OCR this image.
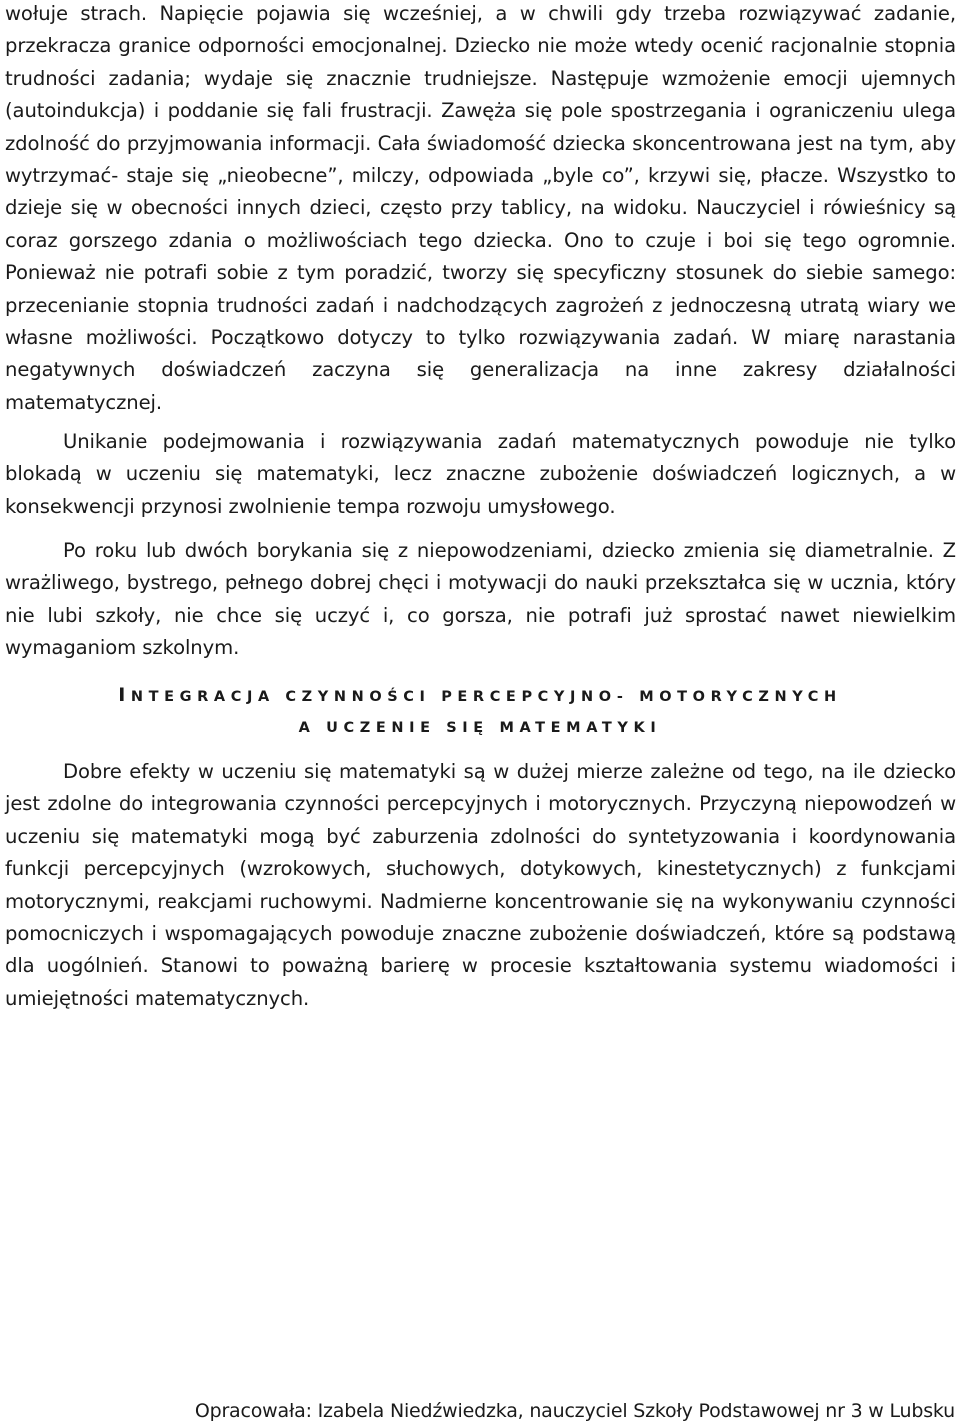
wołuje strach. Napięcie pojawia się wcześniej, a w chwili gdy trzeba rozwiązywać zadanie, przekracza granice odporności emocjonalnej. Dziecko nie może wtedy ocenić racjonalnie stopnia trudności zadania; wydaje się znacznie trudniejsze. Następuje wzmożenie emocji ujemnych (autoindukcja) i poddanie się fali frustracji. Zawęża się pole spostrzegania i ograniczeniu ulega zdolność do przyjmowania informacji. Cała świadomość dziecka skoncentrowana jest na tym, aby wytrzymać- staje się „nieobecne”, milczy, odpowiada „byle co”, krzywi się, płacze. Wszystko to dzieje się w obecności innych dzieci, często przy tablicy, na widoku. Nauczyciel i rówieśnicy są coraz gorszego zdania o możliwościach tego dziecka. Ono to czuje i boi się tego ogromnie. Ponieważ nie potrafi sobie z tym poradzić, tworzy się specyficzny stosunek do siebie samego: przecenianie stopnia trudności zadań i nadchodzących zagrożeń z jednoczesną utratą wiary we własne możliwości. Początkowo dotyczy to tylko rozwiązywania zadań. W miarę narastania negatywnych doświadczeń zaczyna się generalizacja na inne zakresy działalności matematycznej.

Unikanie podejmowania i rozwiązywania zadań matematycznych powoduje nie tylko blokadą w uczeniu się matematyki, lecz znaczne zubożenie doświadczeń logicznych, a w konsekwencji przynosi zwolnienie tempa rozwoju umysłowego.

Po roku lub dwóch borykania się z niepowodzeniami, dziecko zmienia się diametralnie. Z wrażliwego, bystrego, pełnego dobrej chęci i motywacji do nauki przekształca się w ucznia, który nie lubi szkoły, nie chce się uczyć i, co gorsza, nie potrafi już sprostać nawet niewielkim wymaganiom szkolnym.

INTEGRACJA CZYNNOŚCI PERCEPCYJNO- MOTORYCZNYCH
A UCZENIE SIĘ MATEMATYKI

Dobre efekty w uczeniu się matematyki są w dużej mierze zależne od tego, na ile dziecko jest zdolne do integrowania czynności percepcyjnych i motorycznych. Przyczyną niepowodzeń w uczeniu się matematyki mogą być zaburzenia zdolności do syntetyzowania i koordynowania funkcji percepcyjnych (wzrokowych, słuchowych, dotykowych, kinestetycznych) z funkcjami motorycznymi, reakcjami ruchowymi. Nadmierne koncentrowanie się na wykonywaniu czynności pomocniczych i wspomagających powoduje znaczne zubożenie doświadczeń, które są podstawą dla uogólnień. Stanowi to poważną barierę w procesie kształtowania systemu wiadomości i umiejętności matematycznych.

Opracowała: Izabela Niedźwiedzka, nauczyciel Szkoły Podstawowej nr 3 w Lubsku
